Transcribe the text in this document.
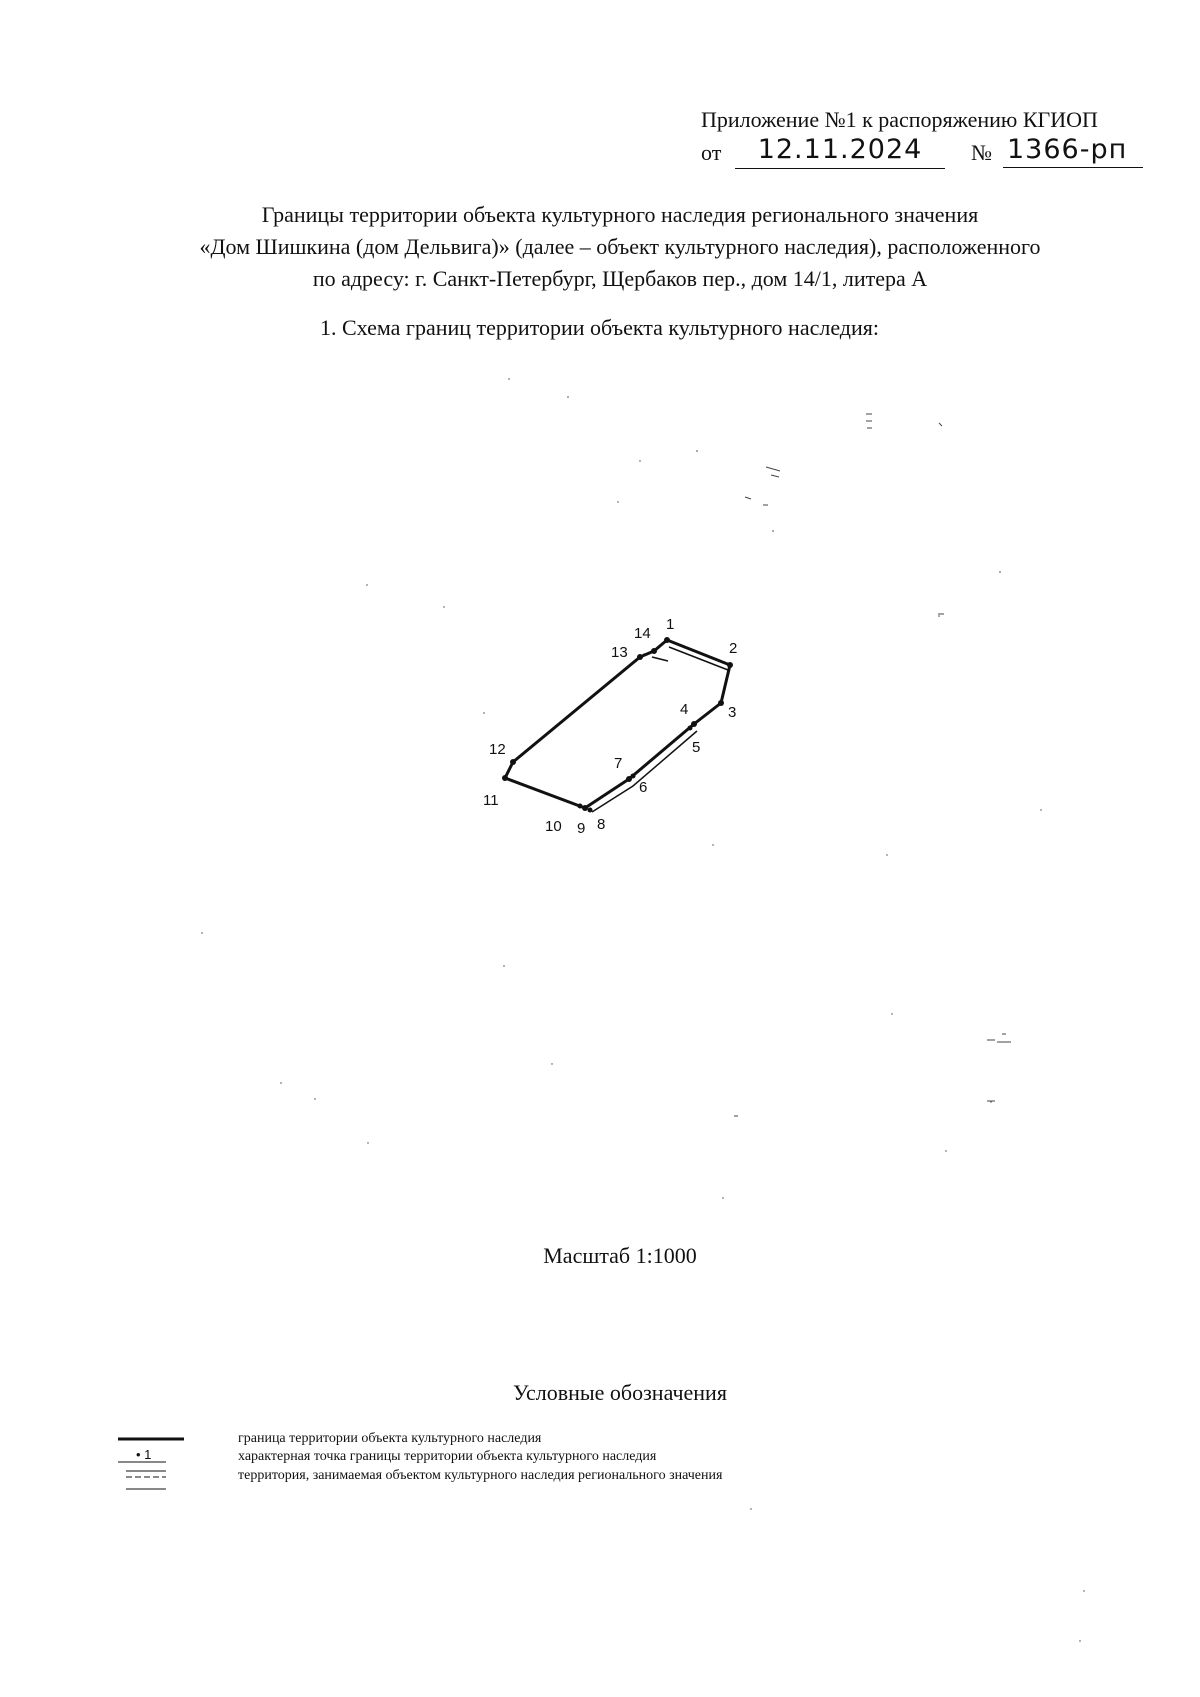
Приложение №1 к распоряжению КГИОП
от	12.11.2024	№ 1366-рп
Границы территории объекта культурного наследия регионального значения
«Дом Шишкина (дом Дельвига)» (далее – объект культурного наследия), расположенного
по адресу: г. Санкт-Петербург, Щербаков пер., дом 14/1, литера А
1. Схема границ территории объекта культурного наследия:
1
2
3
4
5
6
7
8
9
10
11
12
13
14
• 1
Масштаб 1:1000
Условные обозначения
граница территории объекта культурного наследия
характерная точка границы территории объекта культурного наследия
территория, занимаемая объектом культурного наследия регионального значения
